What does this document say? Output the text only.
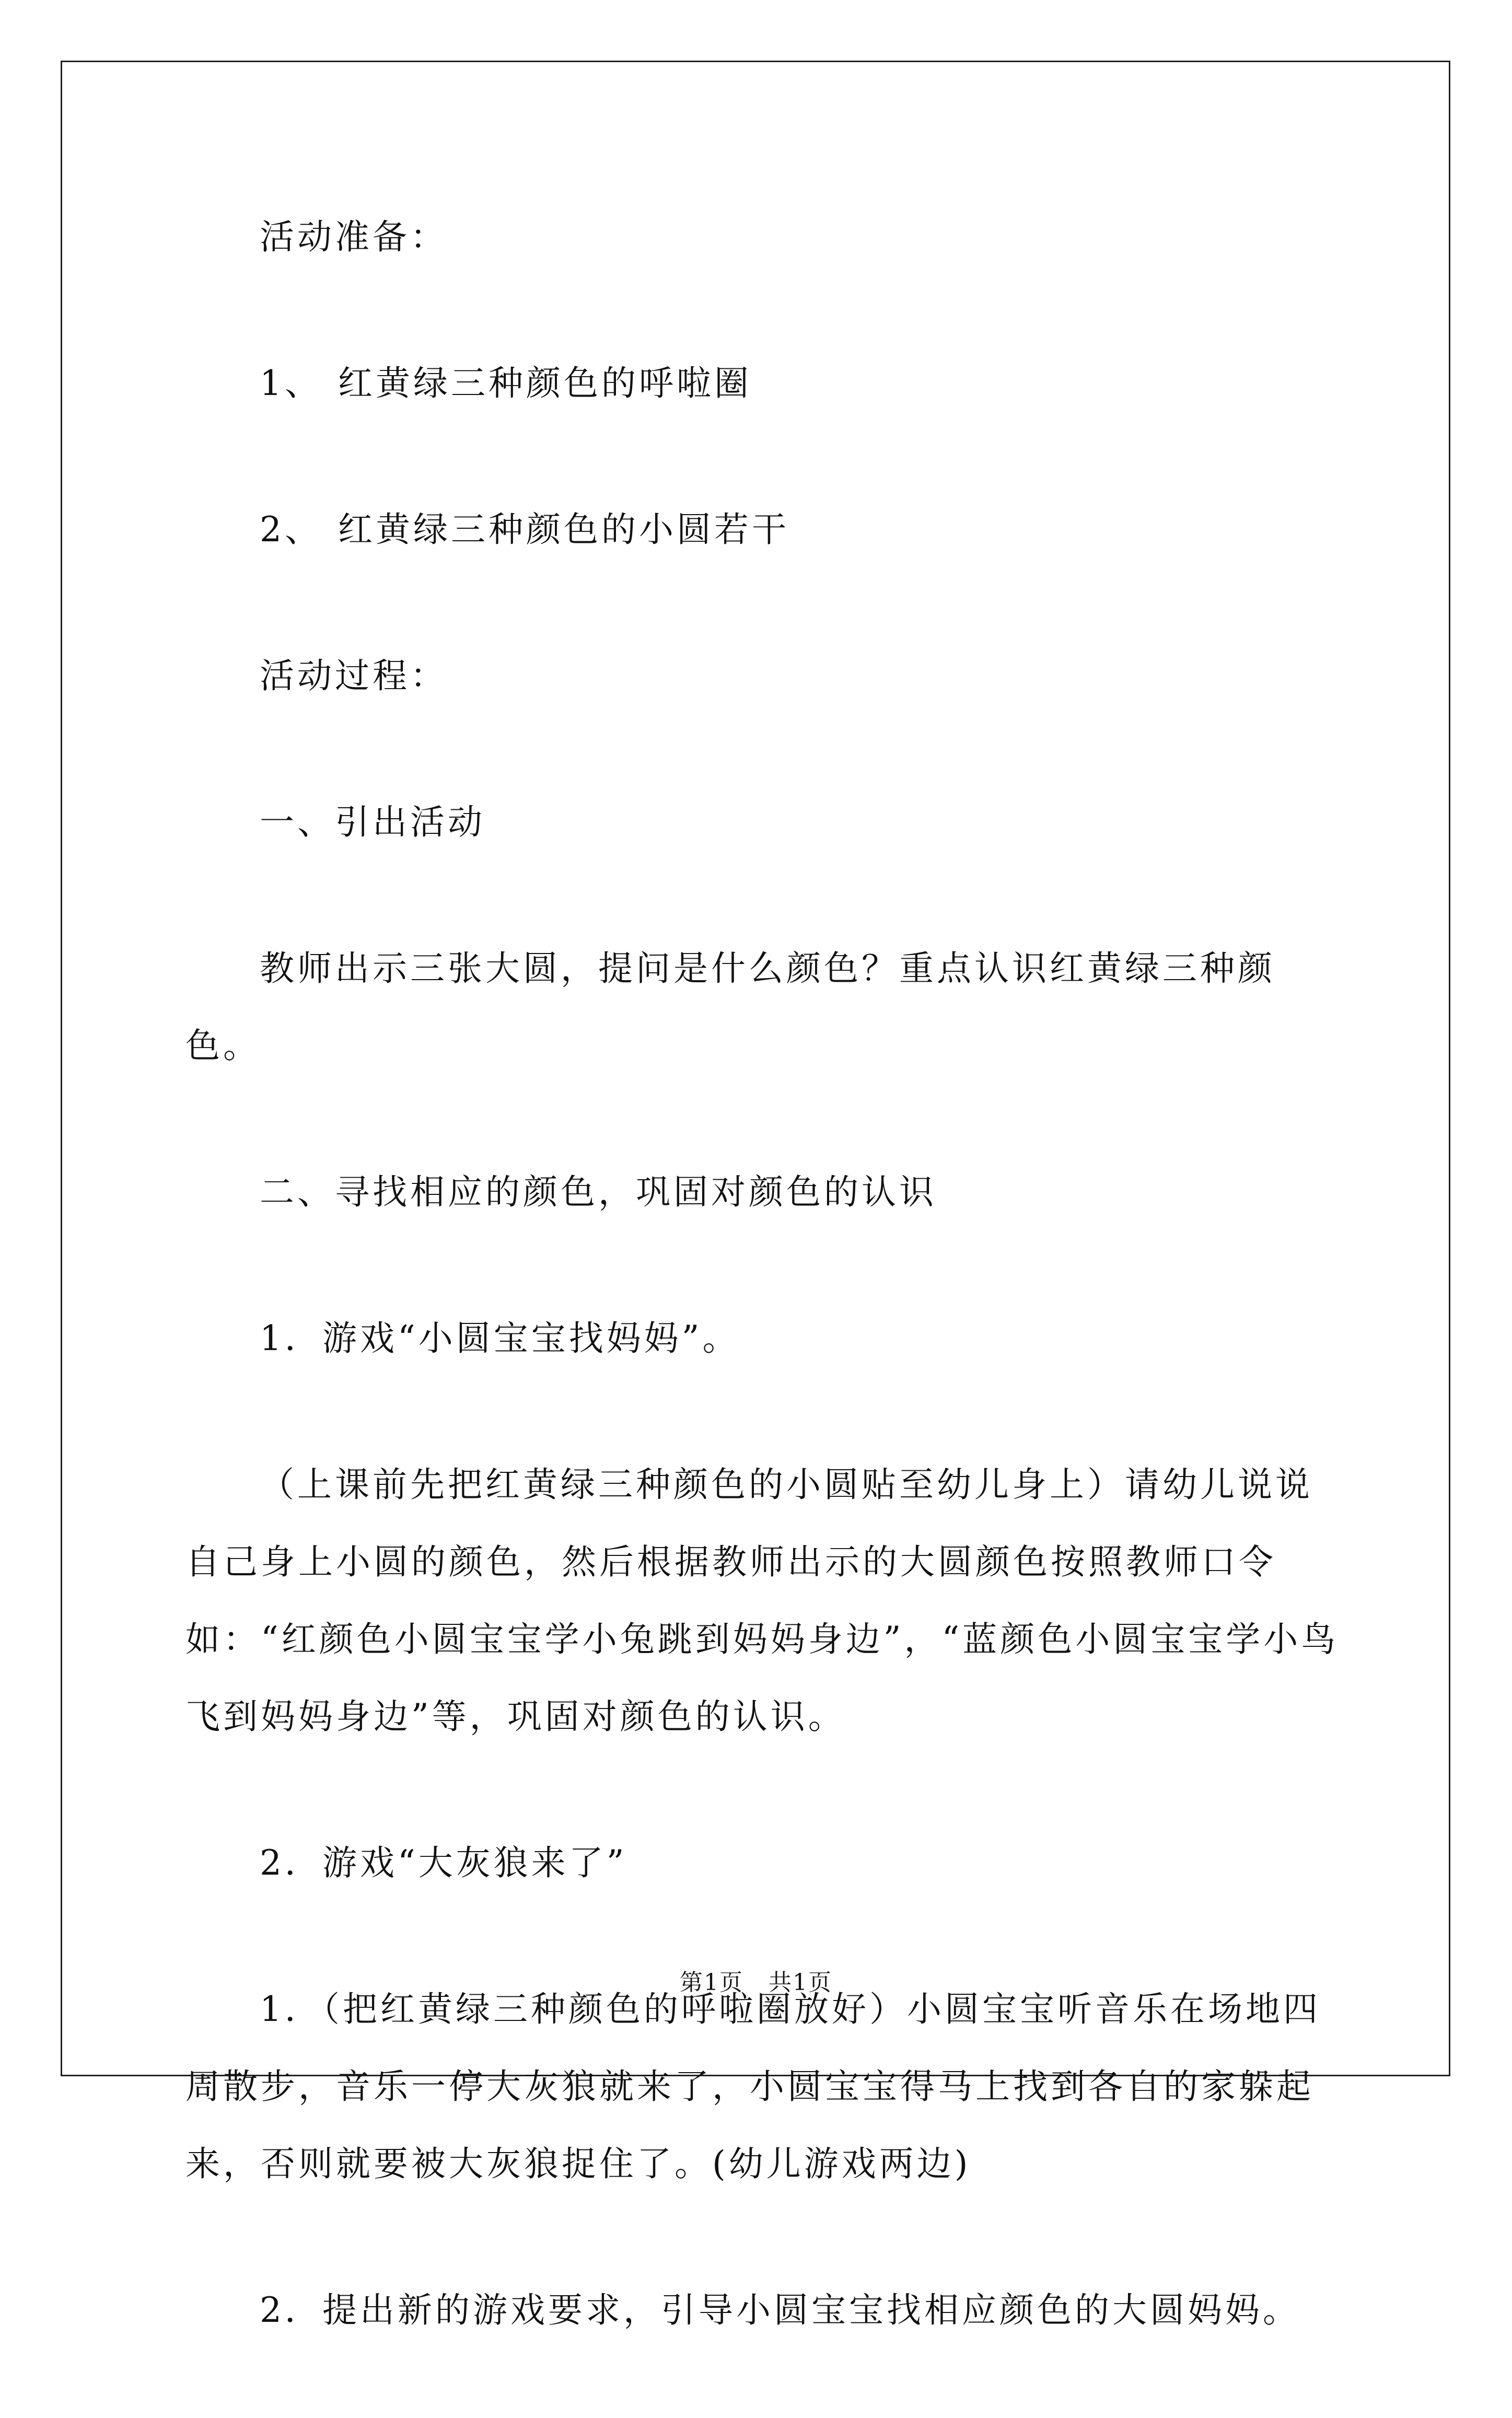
活动准备：

1、 红黄绿三种颜色的呼啦圈

2、 红黄绿三种颜色的小圆若干

活动过程：

一、引出活动

教师出示三张大圆，提问是什么颜色？重点认识红黄绿三种颜色。

二、寻找相应的颜色，巩固对颜色的认识

1．游戏“小圆宝宝找妈妈”。

（上课前先把红黄绿三种颜色的小圆贴至幼儿身上）请幼儿说说自己身上小圆的颜色，然后根据教师出示的大圆颜色按照教师口令如：“红颜色小圆宝宝学小兔跳到妈妈身边”，“蓝颜色小圆宝宝学小鸟飞到妈妈身边”等，巩固对颜色的认识。

2．游戏“大灰狼来了”

1．（把红黄绿三种颜色的呼啦圈放好）小圆宝宝听音乐在场地四周散步，音乐一停大灰狼就来了，小圆宝宝得马上找到各自的家躲起来，否则就要被大灰狼捉住了。(幼儿游戏两边)

2．提出新的游戏要求，引导小圆宝宝找相应颜色的大圆妈妈。

第1页 共1页
